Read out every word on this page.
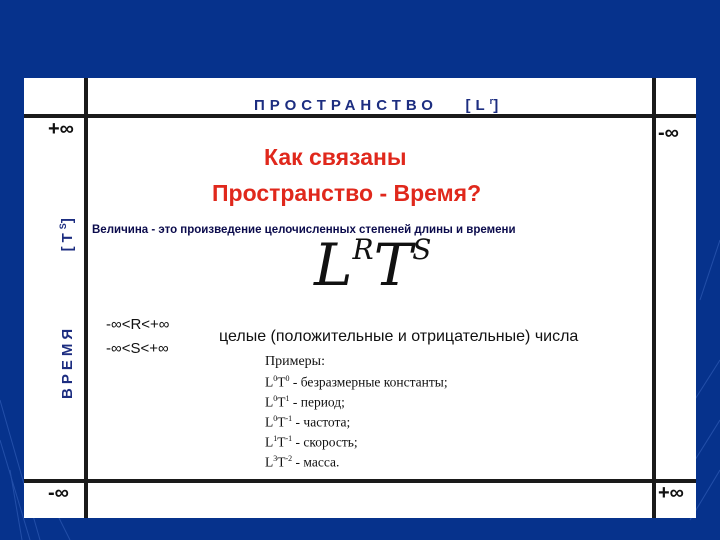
ПРОСТРАНСТВО $[L^r]$
+∞	-∞
-∞	+∞
ВРЕМЯ         $[T^S]$
Как связаны
Пространство - Время?
Величина - это произведение целочисленных степеней длины и времени
$L^RT^S$
-∞<R<+∞
-∞<S<+∞
целые (положительные и отрицательные) числа
Примеры:
$L^0T^0$ - безразмерные константы;
$L^0T^1$ - период;
$L^0T^{-1}$ - частота;
$L^1T^{-1}$ - скорость;
$L^3T^{-2}$ - масса.
